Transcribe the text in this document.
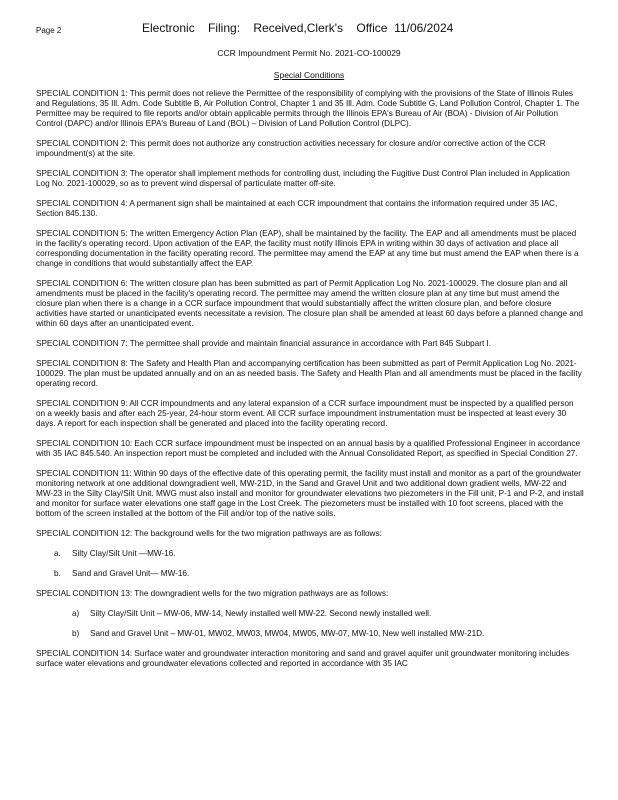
Page 2	Electronic    Filing:    Received,Clerk's    Office  11/06/2024
CCR Impoundment Permit No. 2021-CO-100029
Special Conditions

SPECIAL CONDITION 1: This permit does not relieve the Permittee of the responsibility of complying with the provisions of the State of Illinois Rules and Regulations, 35 Ill. Adm. Code Subtitle B, Air Pollution Control, Chapter 1 and 35 Ill. Adm. Code Subtitle G, Land Pollution Control, Chapter 1. The Permittee may be required to file reports and/or obtain applicable permits through the Illinois EPA's Bureau of Air (BOA) - Division of Air Pollution Control (DAPC) and/or Illinois EPA's Bureau of Land (BOL) – Division of Land Pollution Control (DLPC).

SPECIAL CONDITION 2: This permit does not authorize any construction activities necessary for closure and/or corrective action of the CCR impoundment(s) at the site.

SPECIAL CONDITION 3: The operator shall implement methods for controlling dust, including the Fugitive Dust Control Plan included in Application Log No. 2021-100029, so as to prevent wind dispersal of particulate matter off-site.

SPECIAL CONDITION 4: A permanent sign shall be maintained at each CCR impoundment that contains the information required under 35 IAC, Section 845.130.

SPECIAL CONDITION 5: The written Emergency Action Plan (EAP), shall be maintained by the facility. The EAP and all amendments must be placed in the facility's operating record. Upon activation of the EAP, the facility must notify Illinois EPA in writing within 30 days of activation and place all corresponding documentation in the facility operating record. The permittee may amend the EAP at any time but must amend the EAP when there is a change in conditions that would substantially affect the EAP.

SPECIAL CONDITION 6: The written closure plan has been submitted as part of Permit Application Log No. 2021-100029. The closure plan and all amendments must be placed in the facility's operating record. The permittee may amend the written closure plan at any time but must amend the closure plan when there is a change in a CCR surface impoundment that would substantially affect the written closure plan, and before closure activities have started or unanticipated events necessitate a revision. The closure plan shall be amended at least 60 days before a planned change and within 60 days after an unanticipated event.

SPECIAL CONDITION 7: The permittee shall provide and maintain financial assurance in accordance with Part 845 Subpart I.

SPECIAL CONDITION 8: The Safety and Health Plan and accompanying certification has been submitted as part of Permit Application Log No. 2021-100029. The plan must be updated annually and on an as needed basis. The Safety and Health Plan and all amendments must be placed in the facility operating record.

SPECIAL CONDITION 9: All CCR impoundments and any lateral expansion of a CCR surface impoundment must be inspected by a qualified person on a weekly basis and after each 25-year, 24-hour storm event. All CCR surface impoundment instrumentation must be inspected at least every 30 days. A report for each inspection shall be generated and placed into the facility operating record.

SPECIAL CONDITION 10: Each CCR surface impoundment must be inspected on an annual basis by a qualified Professional Engineer in accordance with 35 IAC 845.540. An inspection report must be completed and included with the Annual Consolidated Report, as specified in Special Condition 27.

SPECIAL CONDITION 11: Within 90 days of the effective date of this operating permit, the facility must install and monitor as a part of the groundwater monitoring network at one additional downgradient well, MW-21D, in the Sand and Gravel Unit and two additional down gradient wells, MW-22 and MW-23 in the Silty Clay/Silt Unit. MWG must also install and monitor for groundwater elevations two piezometers in the Fill unit, P-1 and P-2, and install and monitor for surface water elevations one staff gage in the Lost Creek. The piezometers must be installed with 10 foot screens, placed with the bottom of the screen installed at the bottom of the Fill and/or top of the native soils.

SPECIAL CONDITION 12: The background wells for the two migration pathways are as follows:

a. Silty Clay/Silt Unit —MW-16.
b. Sand and Gravel Unit— MW-16.

SPECIAL CONDITION 13: The downgradient wells for the two migration pathways are as follows:

a) Silty Clay/Silt Unit – MW-06, MW-14, Newly installed well MW-22. Second newly installed well.
b) Sand and Gravel Unit – MW-01, MW02, MW03, MW04, MW05, MW-07, MW-10, New well installed MW-21D.

SPECIAL CONDITION 14: Surface water and groundwater interaction monitoring and sand and gravel aquifer unit groundwater monitoring includes surface water elevations and groundwater elevations collected and reported in accordance with 35 IAC
